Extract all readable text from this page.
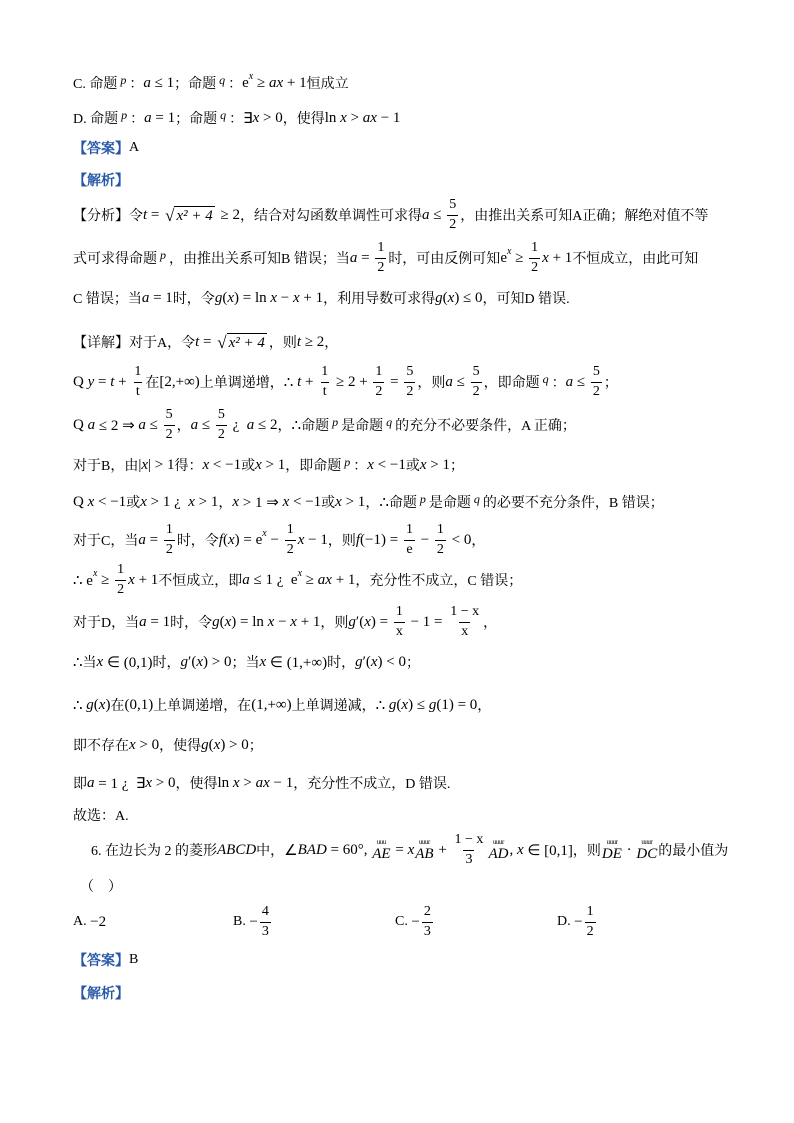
C. 命题 p ： a ≤ 1 ；命题 q ： e x ≥ ax + 1 恒成立
D. 命题 p ： a = 1 ；命题 q ： ∃ x > 0 ，使得 ln x > ax − 1
【答案】 A
【解析】
【分析】令 t = √ x² + 4 ≥ 2 ，结合对勾函数单调性可求得 $a \le \frac{5}{2}$ ，由推出关系可知A正确；解绝对值不等
式可求得命题 p ，由推出关系可知B 错误；当 $a = \frac{1}{2}$ 时，可由反例可知 e $x \ge \frac{1}{2}$ x + 1 不恒成立，由此可知
C 错误；当 a = 1 时，令 g ( x ) = ln x − x + 1 ，利用导数可求得 g ( x ) ≤ 0 ，可知D 错误.
【详解】对于A，令 t = √ x² + 4 ，则 t ≥ 2 ，
Q $y = t + \frac{1}{t}$ 在 [2,+∞) 上单调递增， ∴ $t + \frac{1}{t} \ge 2 + \frac{1}{2} = \frac{5}{2}$ ，则 $a \le \frac{5}{2}$ ，即命题 q ： $a \le \frac{5}{2}$ ；
Q a ≤ 2 ⇒ $a \le \frac{5}{2}$ ， $a \le \frac{5}{2}$ ¿ a ≤ 2 ， ∴ 命题 p 是命题 q 的充分不必要条件，A 正确；
对于B，由 | x | > 1 得： x < −1 或 x > 1 ，即命题 p ： x < −1 或 x > 1 ；
Q x < −1 或 x > 1 ¿ x > 1 ， x > 1 ⇒ x < −1 或 x > 1 ， ∴ 命题 p 是命题 q 的必要不充分条件，B 错误；
对于C，当 $a = \frac{1}{2}$ 时，令 f ( x ) = e $x - \frac{1}{2}$ x − 1 ，则 f $(-1) = \frac{1}{e} - \frac{1}{2} < 0$ ，
∴ e $x \ge \frac{1}{2}$ x + 1 不恒成立，即 a ≤ 1 ¿  e x ≥ ax + 1 ，充分性不成立，C 错误；
对于D，当 a = 1 时，令 g ( x ) = ln x − x + 1 ，则 g ′( x ) = $\frac{1}{x} - 1 = \frac{1 - x}{x}$ ，
∴ 当 x ∈ (0,1) 时， g ′( x ) > 0 ；当 x ∈ (1,+∞) 时， g ′( x ) < 0 ；
∴ g ( x ) 在 (0,1) 上单调递增，在 (1,+∞) 上单调递减， ∴ g ( x ) ≤ g (1) = 0 ，
即不存在 x > 0 ，使得 g ( x ) > 0 ；
即 a = 1 ¿  ∃ x > 0 ，使得 ln x > ax − 1 ，充分性不成立，D 错误.
故选：A.
6. 在边长为 2 的菱形 ABCD 中， ∠ BAD = 60°, uuu
AE = x uuur
AB + $\frac{1 - x}{3}$ uuur
AD , x ∈ [0,1] ，则
uuur
DE · uuur
DC 的最小值为
（    ）
A. −2	B. − $\frac{4}{3}$	C. − $\frac{2}{3}$	D. − $\frac{1}{2}$
【答案】 B
【解析】
